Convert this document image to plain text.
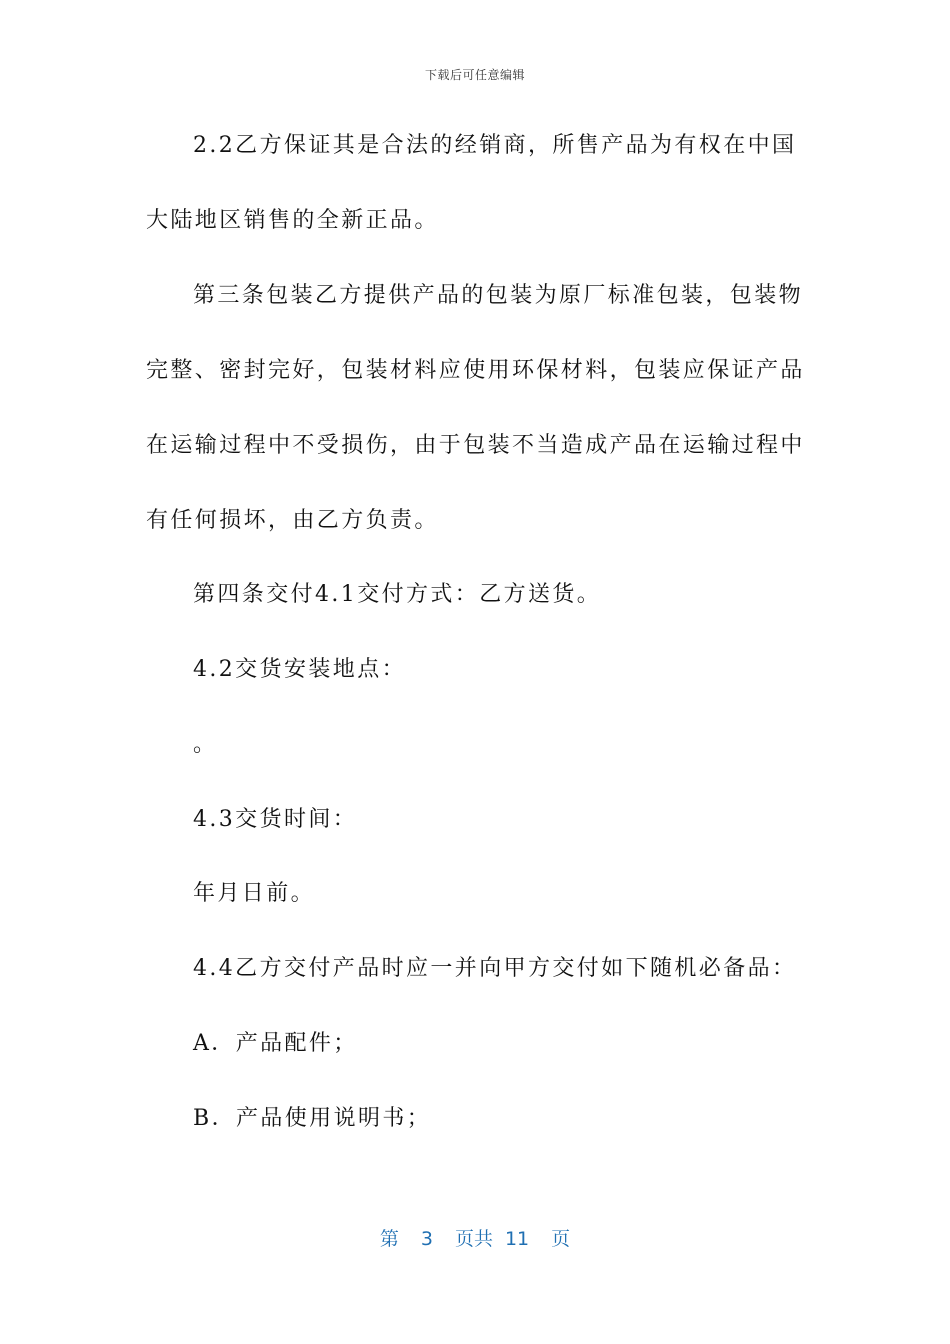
下载后可任意编辑
2.2乙方保证其是合法的经销商，所售产品为有权在中国
大陆地区销售的全新正品。
第三条包装乙方提供产品的包装为原厂标准包装，包装物
完整、密封完好，包装材料应使用环保材料，包装应保证产品
在运输过程中不受损伤，由于包装不当造成产品在运输过程中
有任何损坏，由乙方负责。
第四条交付4.1交付方式：乙方送货。
4.2交货安装地点：
。
4.3交货时间：
年月日前。
4.4乙方交付产品时应一并向甲方交付如下随机必备品：
A．产品配件；
B．产品使用说明书；
第 3 页共 11 页
